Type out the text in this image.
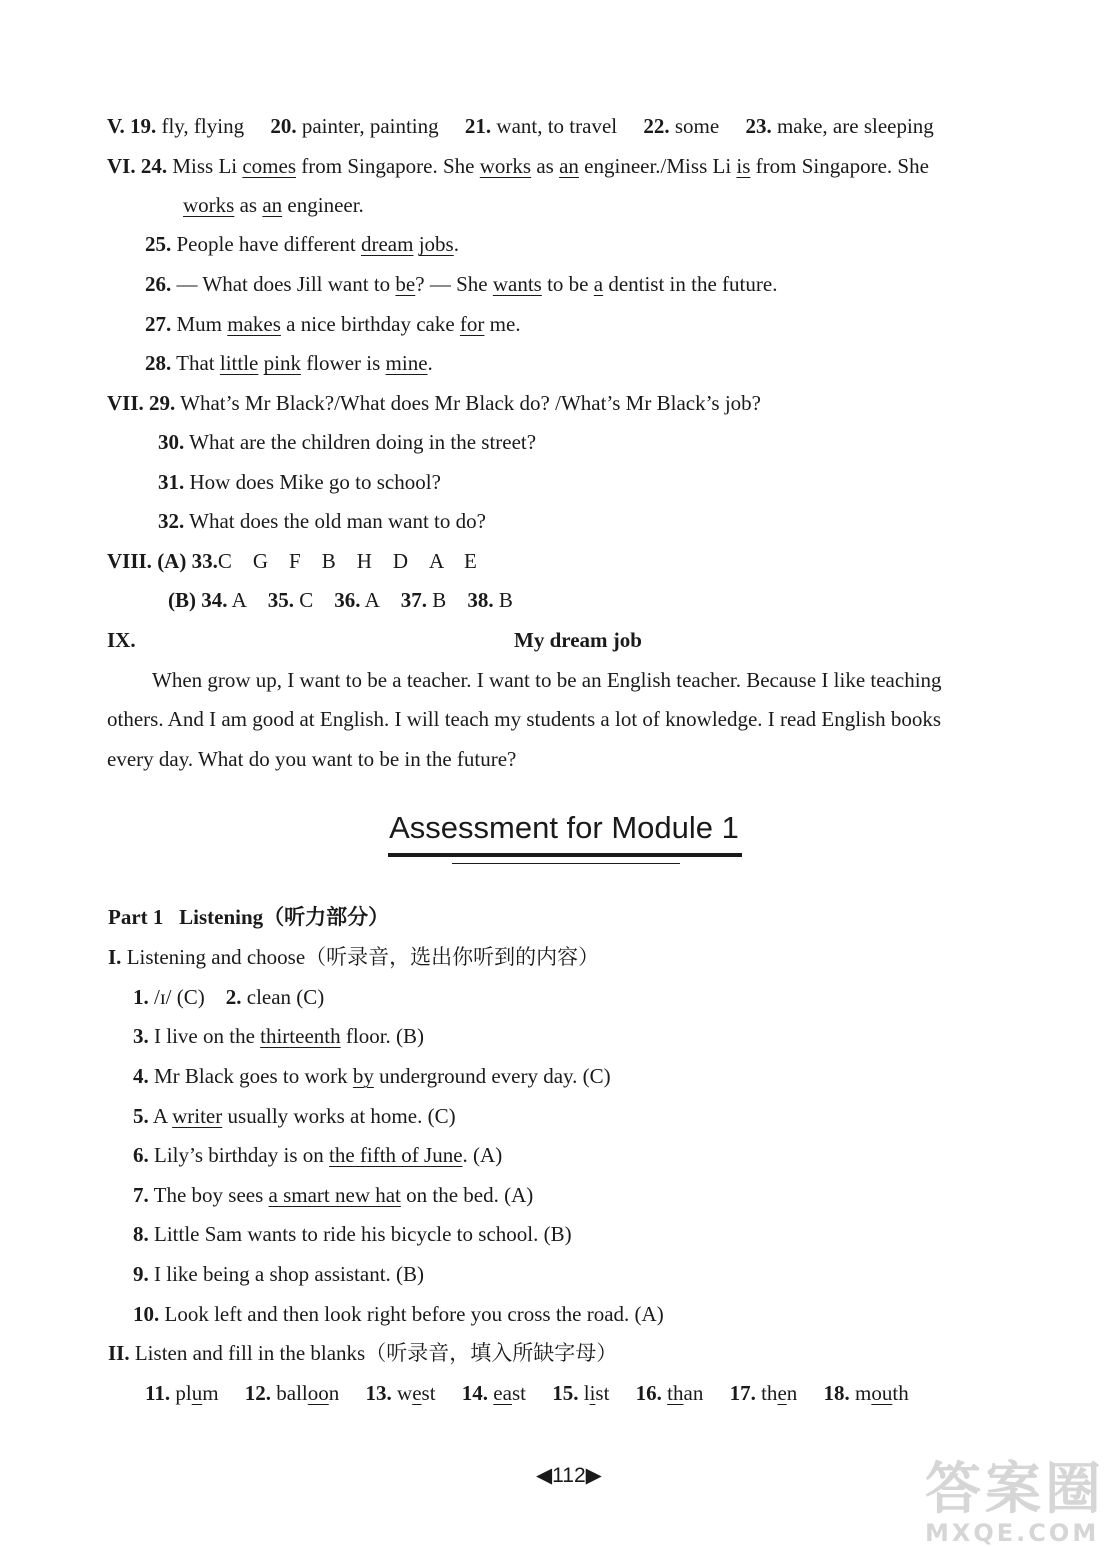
V. 19. fly, flying 20. painter, painting 21. want, to travel 22. some 23. make, are sleeping
VI. 24. Miss Li comes from Singapore. She works as an engineer./Miss Li is from Singapore. She
works as an engineer.
25. People have different dream jobs.
26. — What does Jill want to be? — She wants to be a dentist in the future.
27. Mum makes a nice birthday cake for me.
28. That little pink flower is mine.
VII. 29. What’s Mr Black?/What does Mr Black do? /What’s Mr Black’s job?
30. What are the children doing in the street?
31. How does Mike go to school?
32. What does the old man want to do?
VIII. (A) 33.C　G　F　B　H　D　A　E
(B) 34. A 35. C 36. A 37. B 38. B
IX.	My dream job
When grow up, I want to be a teacher. I want to be an English teacher. Because I like teaching
others. And I am good at English. I will teach my students a lot of knowledge. I read English books
every day. What do you want to be in the future?
Assessment for Module 1
Part 1 Listening（听力部分）
I. Listening and choose（听录音，选出你听到的内容）
1. /ɪ/ (C) 2. clean (C)
3. I live on the thirteenth floor. (B)
4. Mr Black goes to work by underground every day. (C)
5. A writer usually works at home. (C)
6. Lily’s birthday is on the fifth of June. (A)
7. The boy sees a smart new hat on the bed. (A)
8. Little Sam wants to ride his bicycle to school. (B)
9. I like being a shop assistant. (B)
10. Look left and then look right before you cross the road. (A)
II. Listen and fill in the blanks（听录音，填入所缺字母）
11. plum 12. balloon 13. west 14. east 15. list 16. than 17. then 18. mouth
◀112▶	答案圈
MXQE.COM
